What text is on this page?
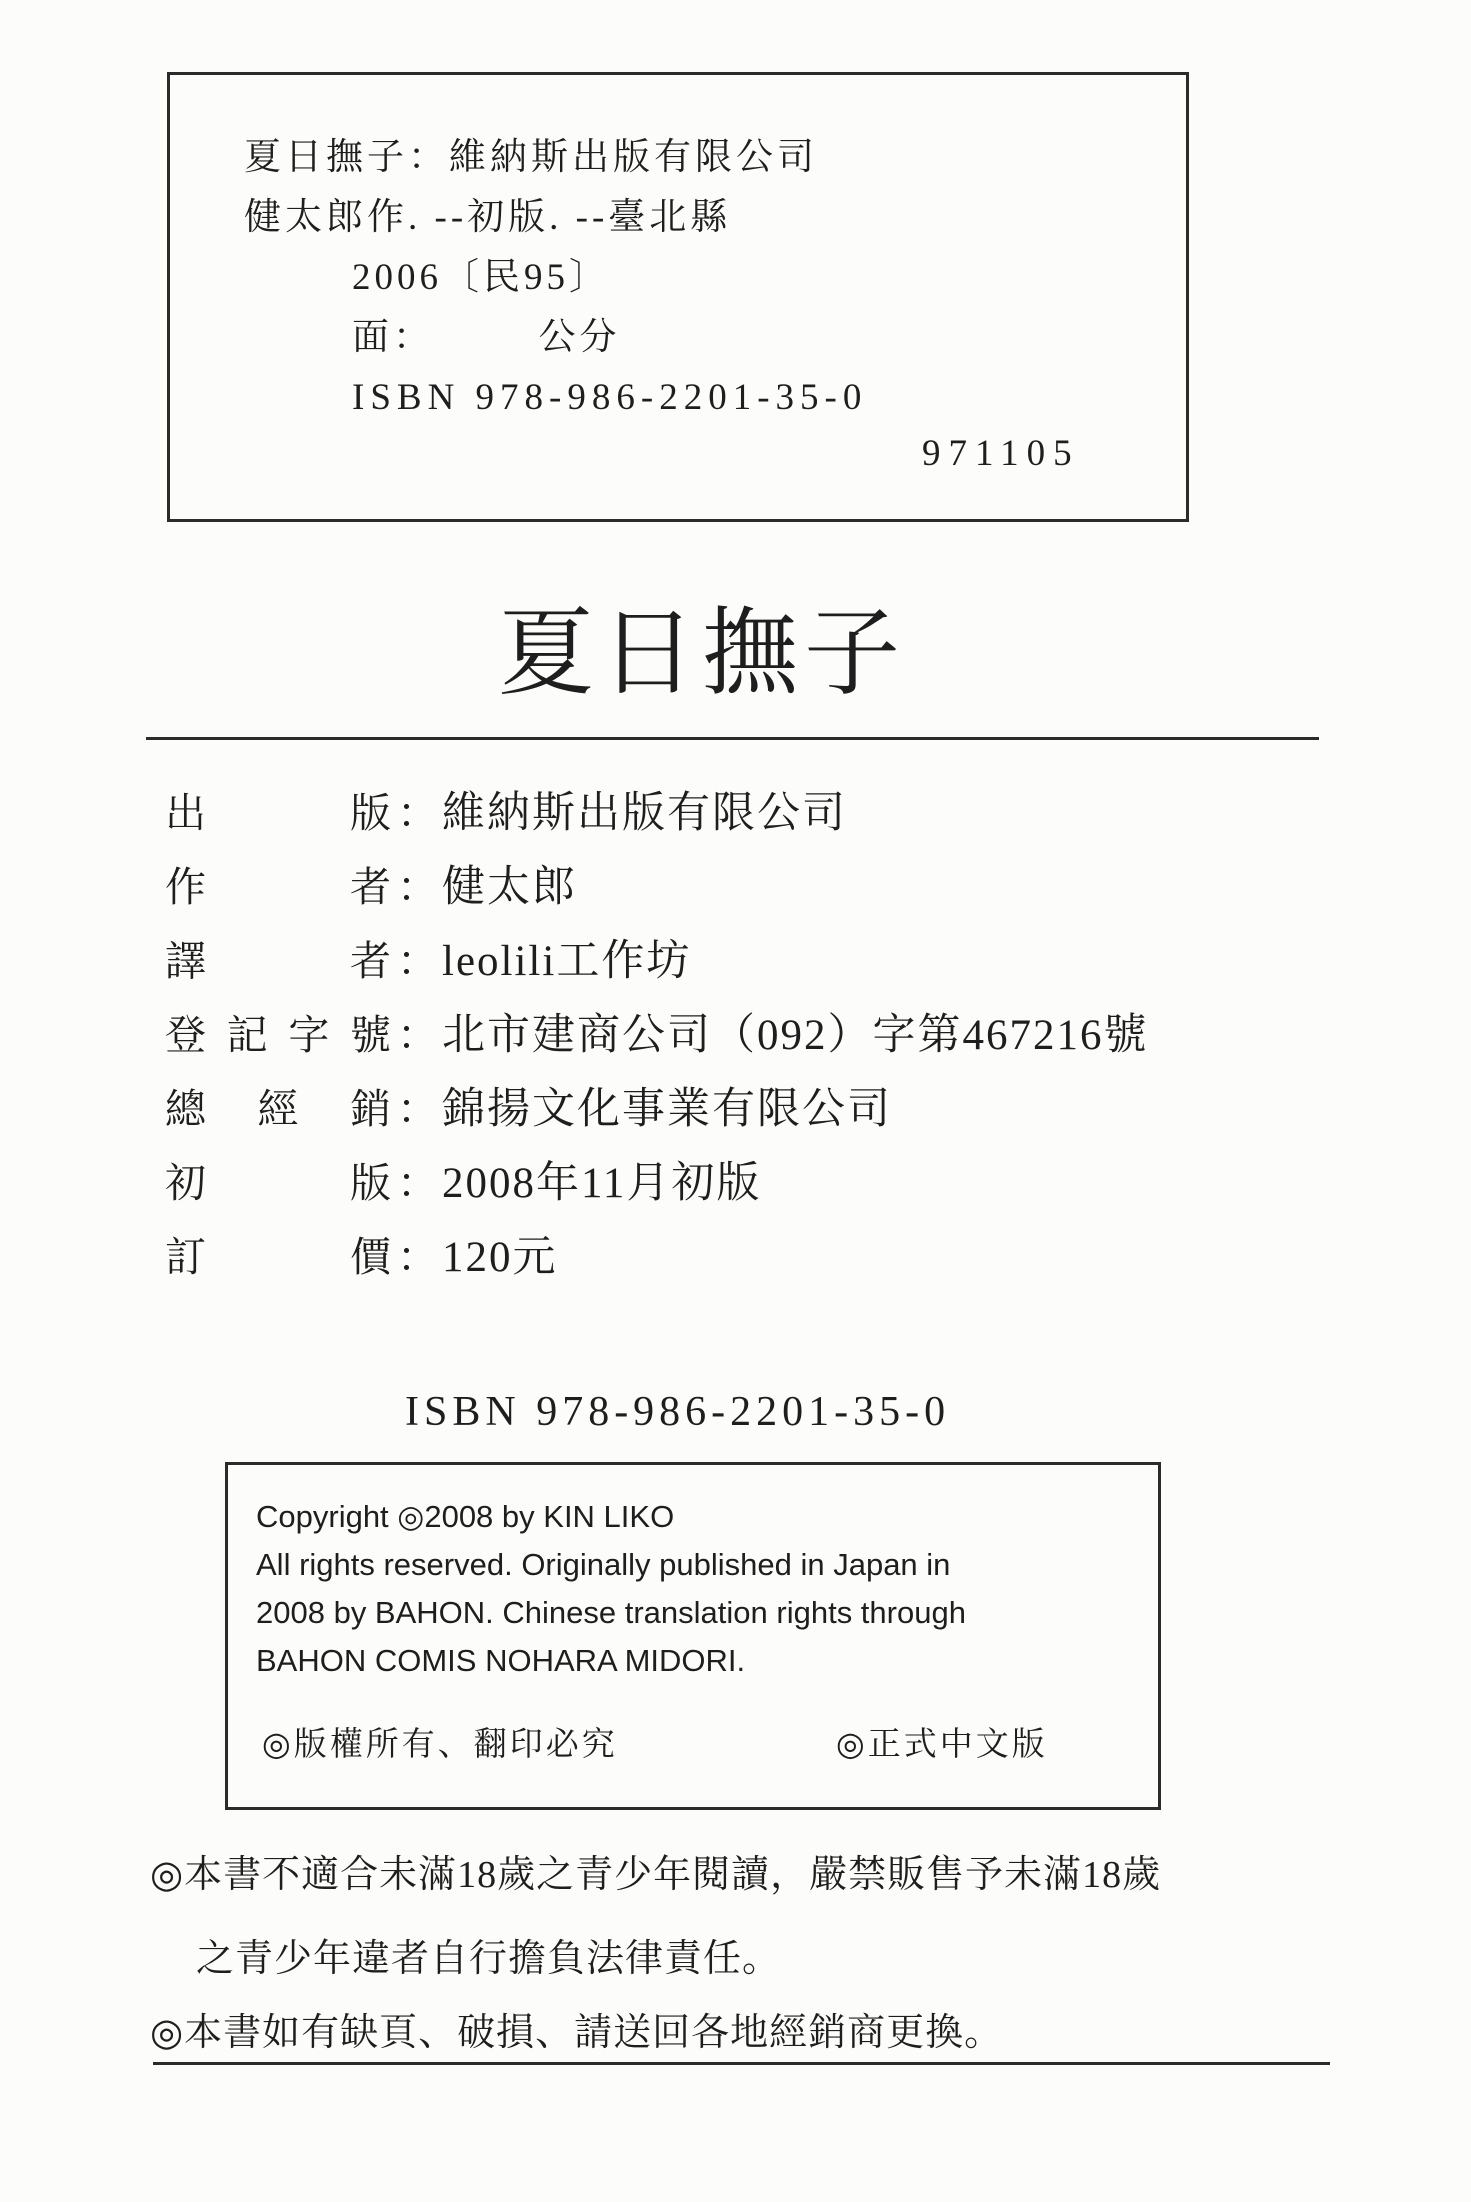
夏日撫子：維納斯出版有限公司
健太郎作. --初版. --臺北縣
2006〔民95〕
面：　　　公分
ISBN 978-986-2201-35-0
971105
夏日撫子
出版 ： 維納斯出版有限公司
作者 ： 健太郎
譯者 ： leolili工作坊
登記字號 ： 北市建商公司（092）字第467216號
總經銷 ： 錦揚文化事業有限公司
初版 ： 2008年11月初版
訂價 ： 120元
ISBN 978-986-2201-35-0
Copyright ◎2008 by KIN LIKO
All rights reserved. Originally published in Japan in
2008 by BAHON. Chinese translation rights through
BAHON COMIS NOHARA MIDORI.
◎版權所有、翻印必究	◎正式中文版
◎本書不適合未滿18歲之青少年閱讀，嚴禁販售予未滿18歲
之青少年違者自行擔負法律責任。
◎本書如有缺頁、破損、請送回各地經銷商更換。
